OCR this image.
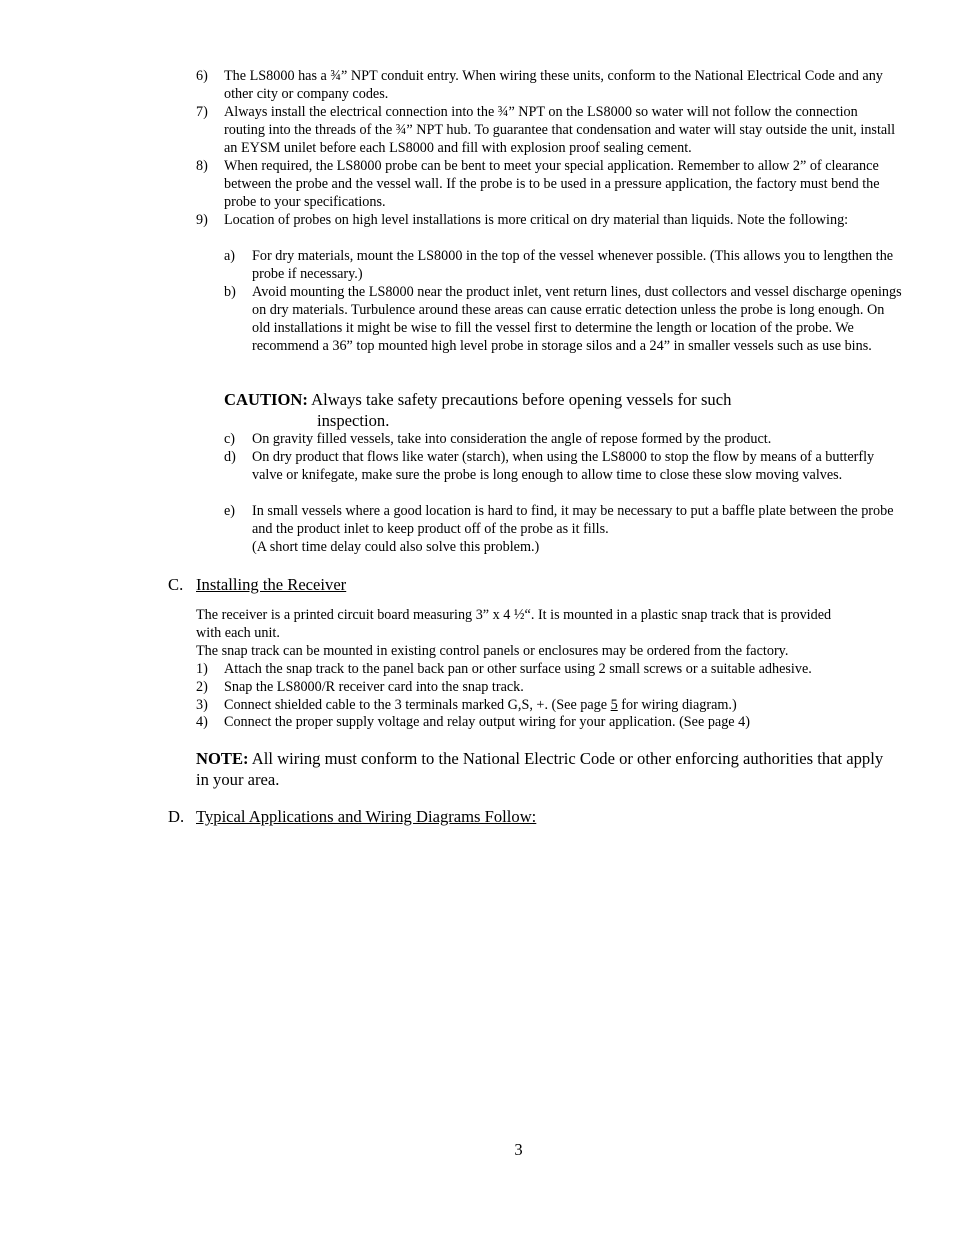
6) The LS8000 has a ¾” NPT conduit entry. When wiring these units, conform to the National Electrical Code and any other city or company codes.
7) Always install the electrical connection into the ¾” NPT on the LS8000 so water will not follow the connection routing into the threads of the ¾” NPT hub. To guarantee that condensation and water will stay outside the unit, install an EYSM unilet before each LS8000 and fill with explosion proof sealing cement.
8) When required, the LS8000 probe can be bent to meet your special application. Remember to allow 2” of clearance between the probe and the vessel wall. If the probe is to be used in a pressure application, the factory must bend the probe to your specifications.
9) Location of probes on high level installations is more critical on dry material than liquids. Note the following:
a) For dry materials, mount the LS8000 in the top of the vessel whenever possible. (This allows you to lengthen the probe if necessary.)
b) Avoid mounting the LS8000 near the product inlet, vent return lines, dust collectors and vessel discharge openings on dry materials. Turbulence around these areas can cause erratic detection unless the probe is long enough. On old installations it might be wise to fill the vessel first to determine the length or location of the probe. We recommend a 36” top mounted high level probe in storage silos and a 24” in smaller vessels such as use bins.
CAUTION: Always take safety precautions before opening vessels for such
inspection.
c) On gravity filled vessels, take into consideration the angle of repose formed by the product.
d) On dry product that flows like water (starch), when using the LS8000 to stop the flow by means of a butterfly valve or knifegate, make sure the probe is long enough to allow time to close these slow moving valves.
e) In small vessels where a good location is hard to find, it may be necessary to put a baffle plate between the probe and the product inlet to keep product off of the probe as it fills.
(A short time delay could also solve this problem.)
C. Installing the Receiver
The receiver is a printed circuit board measuring 3” x 4 ½“. It is mounted in a plastic snap track that is provided with each unit.
The snap track can be mounted in existing control panels or enclosures may be ordered from the factory.
1) Attach the snap track to the panel back pan or other surface using 2 small screws or a suitable adhesive.
2) Snap the LS8000/R receiver card into the snap track.
3) Connect shielded cable to the 3 terminals marked G,S, +. (See page 5 for wiring diagram.)
4) Connect the proper supply voltage and relay output wiring for your application. (See page 4)
NOTE: All wiring must conform to the National Electric Code or other enforcing authorities that apply in your area.
D. Typical Applications and Wiring Diagrams Follow:
3
